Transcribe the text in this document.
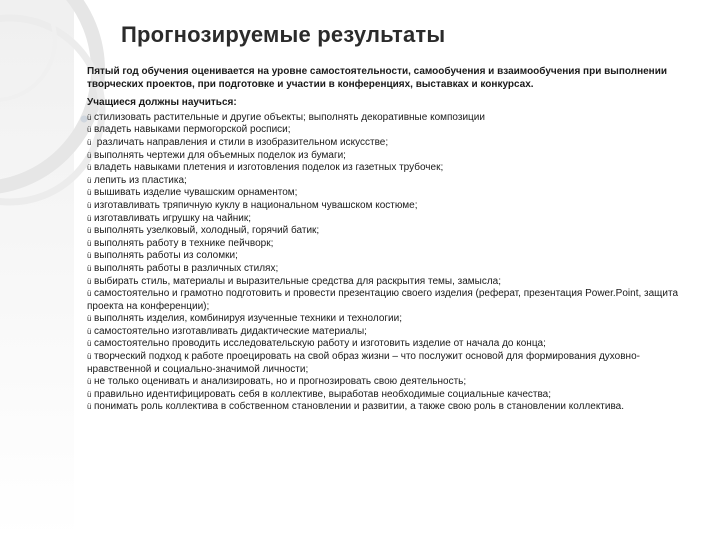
Прогнозируемые результаты

Пятый год обучения оценивается на уровне самостоятельности, самообучения и взаимообучения при выполнении творческих проектов, при подготовке и участии в конференциях, выставках и конкурсах.

Учащиеся должны научиться:

ü стилизовать растительные и другие объекты; выполнять декоративные композиции
ü владеть навыками пермогорской росписи;
ü различать направления и стили в изобразительном искусстве;
ü выполнять чертежи для объемных поделок из бумаги;
ü владеть навыками плетения и изготовления поделок из газетных трубочек;
ü лепить из пластика;
ü вышивать изделие чувашским орнаментом;
ü изготавливать тряпичную куклу в национальном чувашском костюме;
ü изготавливать игрушку на чайник;
ü выполнять узелковый, холодный, горячий батик;
ü выполнять работу в технике пейчворк;
ü выполнять работы из соломки;
ü выполнять работы в различных стилях;
ü выбирать стиль, материалы и выразительные средства для раскрытия темы, замысла;
ü самостоятельно и грамотно подготовить и провести презентацию своего изделия (реферат, презентация Power.Point, защита проекта на конференции);
ü выполнять изделия, комбинируя изученные техники и технологии;
ü самостоятельно изготавливать дидактические материалы;
ü самостоятельно проводить исследовательскую работу и изготовить изделие от начала до конца;
ü творческий подход к работе проецировать на свой образ жизни – что послужит основой для формирования духовно-нравственной и социально-значимой личности;
ü не только оценивать и анализировать, но и прогнозировать свою деятельность;
ü правильно идентифицировать себя в коллективе, выработав необходимые социальные качества;
ü понимать роль коллектива в собственном становлении и развитии, а также свою роль в становлении коллектива.
